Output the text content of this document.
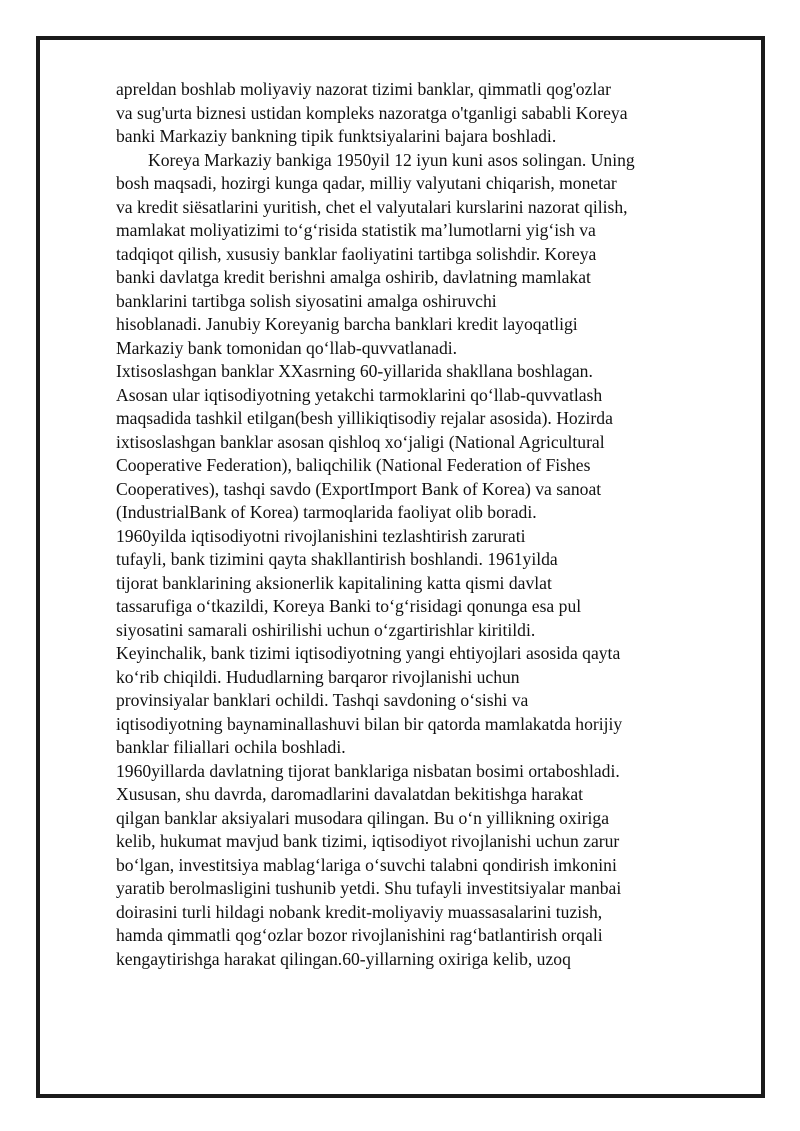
apreldan boshlab moliyaviy nazorat tizimi banklar, qimmatli qog'ozlar
va sug'urta biznesi ustidan kompleks nazoratga o'tganligi sababli Koreya
banki Markaziy bankning tipik funktsiyalarini bajara boshladi.
Koreya Markaziy bankiga 1950yil 12 iyun kuni asos solingan. Uning
bosh maqsadi, hozirgi kunga qadar, milliy valyutani chiqarish, monetar
va kredit siësatlarini yuritish, chet el valyutalari kurslarini nazorat qilish,
mamlakat moliyatizimi to‘g‘risida statistik ma’lumotlarni yig‘ish va
tadqiqot qilish, xususiy banklar faoliyatini tartibga solishdir. Koreya
banki davlatga kredit berishni amalga oshirib, davlatning mamlakat
banklarini tartibga solish siyosatini amalga oshiruvchi
hisoblanadi. Janubiy Koreyanig barcha banklari kredit layoqatligi
Markaziy bank tomonidan qo‘llab-quvvatlanadi.
Ixtisoslashgan banklar XXasrning 60-yillarida shakllana boshlagan.
Asosan ular iqtisodiyotning yetakchi tarmoklarini qo‘llab-quvvatlash
maqsadida tashkil etilgan(besh yillikiqtisodiy rejalar asosida). Hozirda
ixtisoslashgan banklar asosan qishloq xo‘jaligi (National Agricultural
Cooperative Federation), baliqchilik (National Federation of Fishes
Cooperatives), tashqi savdo (ExportImport Bank of Korea) va sanoat
(IndustrialBank of Korea) tarmoqlarida faoliyat olib boradi.
1960yilda iqtisodiyotni rivojlanishini tezlashtirish zarurati
tufayli, bank tizimini qayta shakllantirish boshlandi. 1961yilda
tijorat banklarining aksionerlik kapitalining katta qismi davlat
tassarufiga o‘tkazildi, Koreya Banki to‘g‘risidagi qonunga esa pul
siyosatini samarali oshirilishi uchun o‘zgartirishlar kiritildi.
Keyinchalik, bank tizimi iqtisodiyotning yangi ehtiyojlari asosida qayta
ko‘rib chiqildi. Hududlarning barqaror rivojlanishi uchun
provinsiyalar banklari ochildi. Tashqi savdoning o‘sishi va
iqtisodiyotning baynaminallashuvi bilan bir qatorda mamlakatda horijiy
banklar filiallari ochila boshladi.
1960yillarda davlatning tijorat banklariga nisbatan bosimi ortaboshladi.
Xususan, shu davrda, daromadlarini davalatdan bekitishga harakat
qilgan banklar aksiyalari musodara qilingan. Bu o‘n yillikning oxiriga
kelib, hukumat mavjud bank tizimi, iqtisodiyot rivojlanishi uchun zarur
bo‘lgan, investitsiya mablag‘lariga o‘suvchi talabni qondirish imkonini
yaratib berolmasligini tushunib yetdi. Shu tufayli investitsiyalar manbai
doirasini turli hildagi nobank kredit-moliyaviy muassasalarini tuzish,
hamda qimmatli qog‘ozlar bozor rivojlanishini rag‘batlantirish orqali
kengaytirishga harakat qilingan.60-yillarning oxiriga kelib, uzoq
